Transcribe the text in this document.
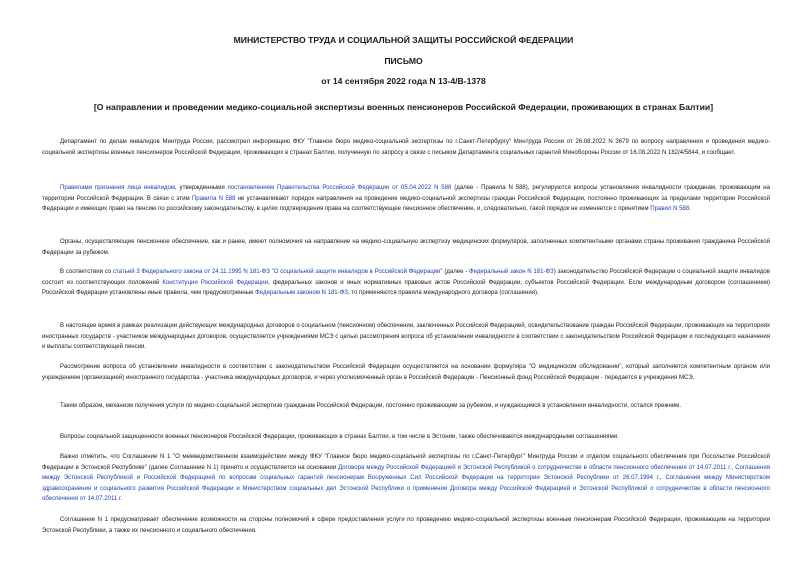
МИНИСТЕРСТВО ТРУДА И СОЦИАЛЬНОЙ ЗАЩИТЫ РОССИЙСКОЙ ФЕДЕРАЦИИ
ПИСЬМО
от 14 сентября 2022 года N 13-4/В-1378
[О направлении и проведении медико-социальной экспертизы военных пенсионеров Российской Федерации, проживающих в странах Балтии]

Департамент по делам инвалидов Минтруда России, рассмотрел информацию ФКУ "Главное бюро медико-социальной экспертизы по г.Санкт-Петербургу" Минтруда России от 26.08.2022 N 3679 по вопросу направления и проведения медико-социальной экспертизы военных пенсионеров Российской Федерации, проживающих в странах Балтии, полученную по запросу в связи с письмом Департамента социальных гарантий Минобороны России от 16.08.2022 N 182/4/5844, и сообщает.

Правилами признания лица инвалидом, утвержденными постановлением Правительства Российской Федерации от 05.04.2022 N 588 (далее - Правила N 588), регулируются вопросы установления инвалидности гражданам, проживающим на территории Российской Федерации. В связи с этим Правила N 588 не устанавливают порядок направления на проведение медико-социальной экспертизы граждан Российской Федерации, постоянно проживающих за пределами территории Российской Федерации и имеющих право на пенсию по российскому законодательству, в целях подтверждения права на соответствующее пенсионное обеспечение, и, следовательно, такой порядок не изменяется с принятием Правил N 588.

Органы, осуществляющие пенсионное обеспечение, как и ранее, имеют полномочия на направление на медико-социальную экспертизу медицинских формуляров, заполненных компетентными органами страны проживания гражданина Российской Федерации за рубежом.

В соответствии со статьей 3 Федерального закона от 24.11.1995 N 181-ФЗ "О социальной защите инвалидов в Российской Федерации" (далее - Федеральный закон N 181-ФЗ) законодательство Российской Федерации о социальной защите инвалидов состоит из соответствующих положений Конституции Российской Федерации, федеральных законов и иных нормативных правовых актов Российской Федерации, субъектов Российской Федерации. Если международным договором (соглашением) Российской Федерации установлены иные правила, чем предусмотренные Федеральным законом N 181-ФЗ, то применяются правила международного договора (соглашения).

В настоящее время в рамках реализации действующих международных договоров о социальном (пенсионном) обеспечении, заключенных Российской Федерацией, освидетельствование граждан Российской Федерации, проживающих на территориях иностранных государств - участников международных договоров, осуществляется учреждениями МСЭ с целью рассмотрения вопроса об установлении инвалидности в соответствии с законодательством Российской Федерации и последующего назначения и выплаты соответствующей пенсии.

Рассмотрение вопроса об установлении инвалидности в соответствии с законодательством Российской Федерации осуществляется на основании формуляра "О медицинском обследовании", который заполняется компетентным органом или учреждением (организацией) иностранного государства - участника международных договоров, и через уполномоченный орган в Российской Федерации - Пенсионный фонд Российской Федерации - передается в учреждения МСЭ.

Таким образом, механизм получения услуги по медико-социальной экспертизе гражданам Российской Федерации, постоянно проживающим за рубежом, и нуждающимся в установлении инвалидности, остался прежним.

Вопросы социальной защищенности военных пенсионеров Российской Федерации, проживающих в странах Балтии, в том числе в Эстонии, также обеспечиваются международными соглашениями.

Важно отметить, что Соглашение N 1 "О межведомственном взаимодействии между ФКУ "Главное бюро медико-социальной экспертизы по г.Санкт-Петербург" Минтруда России и отделом социального обеспечения при Посольстве Российской Федерации в Эстонской Республике" (далее Соглашение N 1) принято и осуществляется на основании Договора между Российской Федерацией и Эстонской Республикой о сотрудничестве в области пенсионного обеспечения от 14.07.2011 г., Соглашения между Эстонской Республикой и Российской Федерацией по вопросам социальных гарантий пенсионерам Вооруженных Сил Российской Федерации на территории Эстонской Республики от 26.07.1994 г., Соглашения между Министерством здравоохранения и социального развития Российской Федерации и Министерством социальных дел Эстонской Республики о применении Договора между Российской Федерацией и Эстонской Республикой о сотрудничестве в области пенсионного обеспечения от 14.07.2011 г.

Соглашение N 1 предусматривает обеспечение возможности на стороны полномочий в сфере предоставления услуги по проведению медико-социальной экспертизы военным пенсионерам Российской Федерации, проживающим на территории Эстонской Республики, а также их пенсионного и социального обеспечения.
